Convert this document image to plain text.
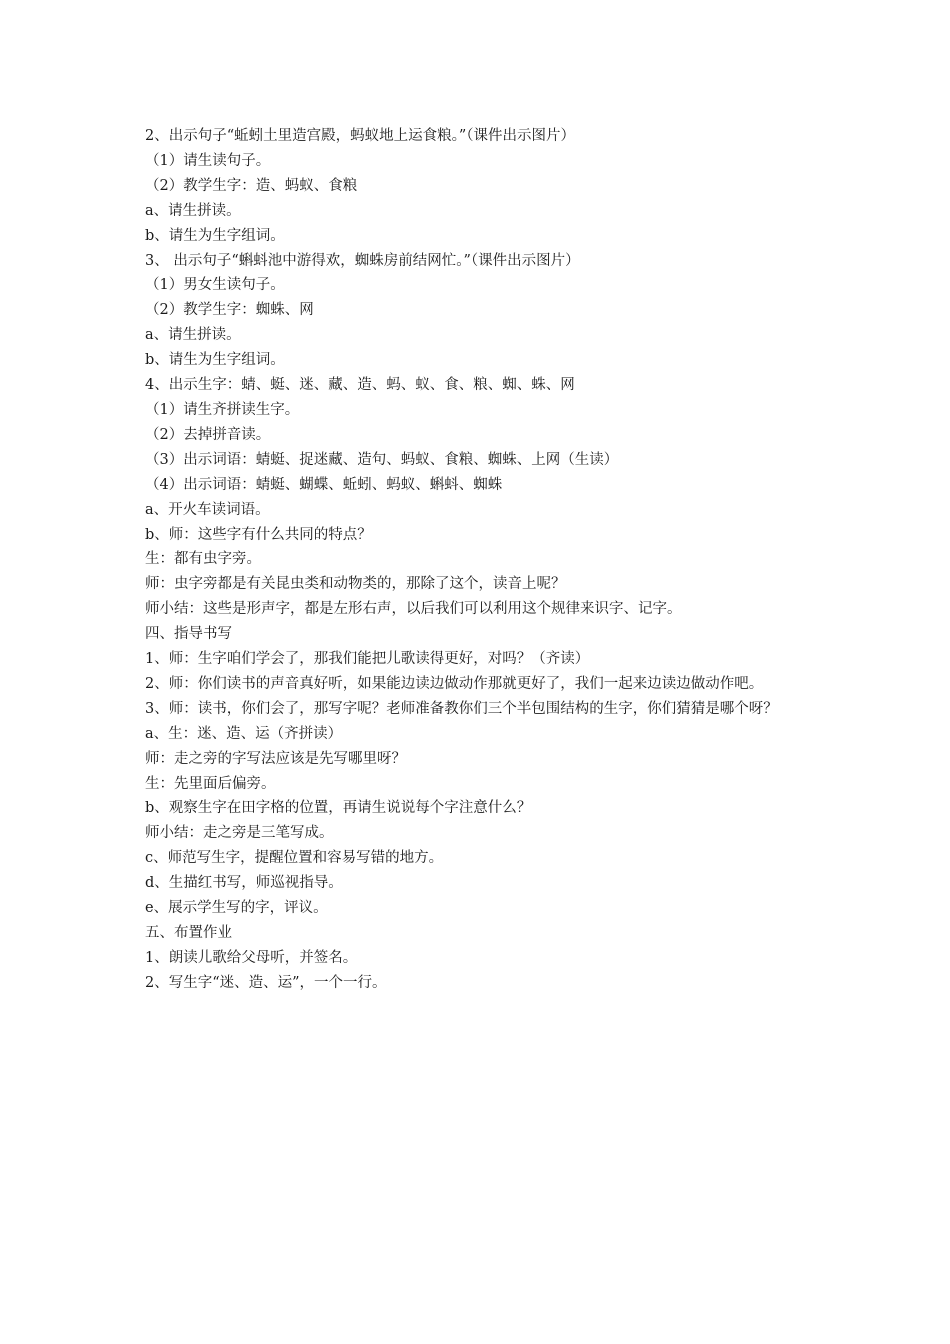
2、出示句子“蚯蚓土里造宫殿，蚂蚁地上运食粮。”（课件出示图片）

（1）请生读句子。

（2）教学生字：造、蚂蚁、食粮

a、请生拼读。

b、请生为生字组词。

3、 出示句子“蝌蚪池中游得欢，蜘蛛房前结网忙。”（课件出示图片）

（1）男女生读句子。

（2）教学生字：蜘蛛、网

a、请生拼读。

b、请生为生字组词。

4、出示生字：蜻、蜓、迷、藏、造、蚂、蚁、食、粮、蜘、蛛、网

（1）请生齐拼读生字。

（2）去掉拼音读。

（3）出示词语：蜻蜓、捉迷藏、造句、蚂蚁、食粮、蜘蛛、上网（生读）

（4）出示词语：蜻蜓、蝴蝶、蚯蚓、蚂蚁、蝌蚪、蜘蛛

a、开火车读词语。

b、师：这些字有什么共同的特点？

生：都有虫字旁。

师：虫字旁都是有关昆虫类和动物类的，那除了这个，读音上呢？

师小结：这些是形声字，都是左形右声，以后我们可以利用这个规律来识字、记字。

四、指导书写

1、师：生字咱们学会了，那我们能把儿歌读得更好，对吗？（齐读）

2、师：你们读书的声音真好听，如果能边读边做动作那就更好了，我们一起来边读边做动作吧。

3、师：读书，你们会了，那写字呢？老师准备教你们三个半包围结构的生字，你们猜猜是哪个呀？

a、生：迷、造、运（齐拼读）

师：走之旁的字写法应该是先写哪里呀？

生：先里面后偏旁。

b、观察生字在田字格的位置，再请生说说每个字注意什么？

师小结：走之旁是三笔写成。

c、师范写生字，提醒位置和容易写错的地方。

d、生描红书写，师巡视指导。

e、展示学生写的字，评议。

五、布置作业

1、朗读儿歌给父母听，并签名。

2、写生字“迷、造、运”，一个一行。
